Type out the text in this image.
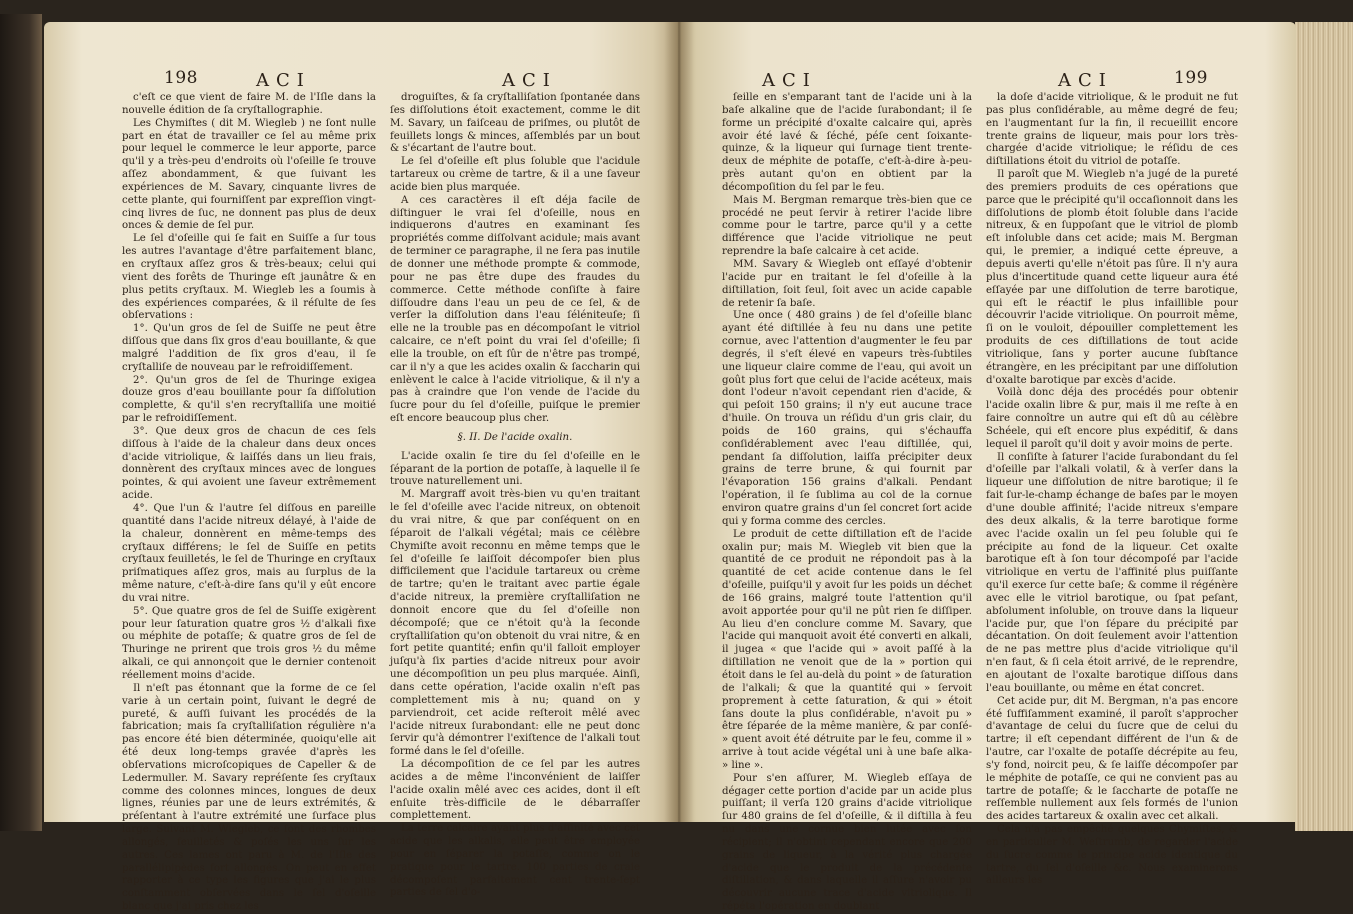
198	ACI	ACI

c'eſt ce que vient de faire M. de l'Iſle dans la nouvelle édition de ſa cryſtallographie.

Les Chymiſtes ( dit M. Wiegleb ) ne ſont nulle part en état de travailler ce ſel au même prix pour lequel le commerce le leur apporte, parce qu'il y a très-peu d'endroits où l'oſeille ſe trouve aſſez abondamment, & que ſuivant les expériences de M. Savary, cinquante livres de cette plante, qui fourniſſent par expreſſion vingt-cinq livres de ſuc, ne donnent pas plus de deux onces & demie de ſel pur.

Le ſel d'oſeille qui ſe fait en Suiſſe a ſur tous les autres l'avantage d'être parfaitement blanc, en cryſtaux aſſez gros & très-beaux; celui qui vient des forêts de Thuringe eſt jaunâtre & en plus petits cryſtaux. M. Wiegleb les a ſoumis à des expériences comparées, & il réſulte de ſes obſervations :

1°. Qu'un gros de ſel de Suiſſe ne peut être diſſous que dans ſix gros d'eau bouillante, & que malgré l'addition de ſix gros d'eau, il ſe cryſtalliſe de nouveau par le refroidiſſement.

2°. Qu'un gros de ſel de Thuringe exigea douze gros d'eau bouillante pour ſa diſſolution complette, & qu'il s'en recryſtalliſa une moitié par le refroidiſſement.

3°. Que deux gros de chacun de ces ſels diſſous à l'aide de la chaleur dans deux onces d'acide vitriolique, & laiſſés dans un lieu frais, donnèrent des cryſtaux minces avec de longues pointes, & qui avoient une ſaveur extrêmement acide.

4°. Que l'un & l'autre ſel diſſous en pareille quantité dans l'acide nitreux délayé, à l'aide de la chaleur, donnèrent en même-temps des cryſtaux différens; le ſel de Suiſſe en petits cryſtaux feuilletés, le ſel de Thuringe en cryſtaux priſmatiques aſſez gros, mais au ſurplus de la même nature, c'eſt-à-dire ſans qu'il y eût encore du vrai nitre.

5°. Que quatre gros de ſel de Suiſſe exigèrent pour leur ſaturation quatre gros ½ d'alkali fixe ou méphite de potaſſe; & quatre gros de ſel de Thuringe ne prirent que trois gros ½ du même alkali, ce qui annonçoit que le dernier contenoit réellement moins d'acide.

Il n'eſt pas étonnant que la forme de ce ſel varie à un certain point, ſuivant le degré de pureté, & auſſi ſuivant les procédés de la fabrication; mais ſa cryſtalliſation régulière n'a pas encore été bien déterminée, quoiqu'elle ait été deux long-temps gravée d'après les obſervations microſcopiques de Capeller & de Ledermuller. M. Savary repréſente ſes cryſtaux comme des colonnes minces, longues de deux lignes, réunies par une de leurs extrémités, & préſentant à l'autre extrémité une ſurface plus large. Suivant M. Wiegleb, ce ſont des rhombes allongés, feuilletés & poſés les uns ſur les autres. Ces lames ont paru à M. de l'Iſle des parallélipipèdes fort allongés. On peut en effet rapporter à ce type les figures que j'ai le plus conſtamment obſervées dans le ſel d'oſeille blanc que j'ai pris chez les

droguiſtes, & ſa cryſtalliſation ſpontanée dans ſes diſſolutions étoit exactement, comme le dit M. Savary, un faiſceau de priſmes, ou plutôt de feuillets longs & minces, aſſemblés par un bout & s'écartant de l'autre bout.

Le ſel d'oſeille eſt plus ſoluble que l'acidule tartareux ou crème de tartre, & il a une ſaveur acide bien plus marquée.

A ces caractères il eſt déja facile de diſtinguer le vrai ſel d'oſeille, nous en indiquerons d'autres en examinant ſes propriétés comme diſſolvant acidule; mais avant de terminer ce paragraphe, il ne ſera pas inutile de donner une méthode prompte & commode, pour ne pas être dupe des fraudes du commerce. Cette méthode conſiſte à faire diſſoudre dans l'eau un peu de ce ſel, & de verſer la diſſolution dans l'eau ſéléniteuſe; ſi elle ne la trouble pas en décompoſant le vitriol calcaire, ce n'eſt point du vrai ſel d'oſeille; ſi elle la trouble, on eſt ſûr de n'être pas trompé, car il n'y a que les acides oxalin & ſaccharin qui enlèvent le calce à l'acide vitriolique, & il n'y a pas à craindre que l'on vende de l'acide du ſucre pour du ſel d'oſeille, puiſque le premier eſt encore beaucoup plus cher.

§. II. De l'acide oxalin.

L'acide oxalin ſe tire du ſel d'oſeille en le ſéparant de la portion de potaſſe, à laquelle il ſe trouve naturellement uni.

M. Margraff avoit très-bien vu qu'en traitant le ſel d'oſeille avec l'acide nitreux, on obtenoit du vrai nitre, & que par conſéquent on en ſéparoit de l'alkali végétal; mais ce célèbre Chymiſte avoit reconnu en même temps que le ſel d'oſeille ſe laiſſoit décompoſer bien plus difficilement que l'acidule tartareux ou crème de tartre; qu'en le traitant avec partie égale d'acide nitreux, la première cryſtalliſation ne donnoit encore que du ſel d'oſeille non décompoſé; que ce n'étoit qu'à la ſeconde cryſtalliſation qu'on obtenoit du vrai nitre, & en fort petite quantité; enfin qu'il falloit employer juſqu'à ſix parties d'acide nitreux pour avoir une décompoſition un peu plus marquée. Ainſi, dans cette opération, l'acide oxalin n'eſt pas complettement mis à nu; quand on y parviendroit, cet acide reſteroit mêlé avec l'acide nitreux ſurabondant: elle ne peut donc ſervir qu'à démontrer l'exiſtence de l'alkali tout formé dans le ſel d'oſeille.

La décompoſition de ce ſel par les autres acides a de même l'inconvénient de laiſſer l'acide oxalin mêlé avec ces acides, dont il eſt enſuite très-difficile de le débarraſſer complettement.

La terre calcaire ayant plus d'affinité avec cet acide que les alkalis, elle peut être employée pour en ſéparer la potaſſe, comme on le pratique pour le tartre. 100 parties de craie décompoſent parfaitement cent trente-ſept parties de ſel d'o-

ACI	ACI	199

ſeille en s'emparant tant de l'acide uni à la baſe alkaline que de l'acide ſurabondant; il ſe forme un précipité d'oxalte calcaire qui, après avoir été lavé & ſéché, péſe cent ſoixante-quinze, & la liqueur qui ſurnage tient trente-deux de méphite de potaſſe, c'eſt-à-dire à-peu-près autant qu'on en obtient par la décompoſition du ſel par le feu.

Mais M. Bergman remarque très-bien que ce procédé ne peut ſervir à retirer l'acide libre comme pour le tartre, parce qu'il y a cette différence que l'acide vitriolique ne peut reprendre la baſe calcaire à cet acide.

MM. Savary & Wiegleb ont eſſayé d'obtenir l'acide pur en traitant le ſel d'oſeille à la diſtillation, ſoit ſeul, ſoit avec un acide capable de retenir ſa baſe.

Une once ( 480 grains ) de ſel d'oſeille blanc ayant été diſtillée à feu nu dans une petite cornue, avec l'attention d'augmenter le feu par degrés, il s'eſt élevé en vapeurs très-ſubtiles une liqueur claire comme de l'eau, qui avoit un goût plus fort que celui de l'acide acéteux, mais dont l'odeur n'avoit cependant rien d'acide, & qui peſoit 150 grains; il n'y eut aucune trace d'huile. On trouva un réſidu d'un gris clair, du poids de 160 grains, qui s'échauffa conſidérablement avec l'eau diſtillée, qui, pendant ſa diſſolution, laiſſa précipiter deux grains de terre brune, & qui fournit par l'évaporation 156 grains d'alkali. Pendant l'opération, il ſe ſublima au col de la cornue environ quatre grains d'un ſel concret ſort acide qui y forma comme des cercles.

Le produit de cette diſtillation eſt de l'acide oxalin pur; mais M. Wiegleb vit bien que la quantité de ce produit ne répondoit pas à la quantité de cet acide contenue dans le ſel d'oſeille, puiſqu'il y avoit ſur les poids un déchet de 166 grains, malgré toute l'attention qu'il avoit apportée pour qu'il ne pût rien ſe diſſiper. Au lieu d'en conclure comme M. Savary, que l'acide qui manquoit avoit été converti en alkali, il jugea « que l'acide qui » avoit paſſé à la diſtillation ne venoit que de la » portion qui étoit dans le ſel au-delà du point » de ſaturation de l'alkali; & que la quantité qui » ſervoit proprement à cette ſaturation, & qui » étoit ſans doute la plus conſidérable, n'avoit pu » être ſéparée de la même manière, & par conſé- » quent avoit été détruite par le feu, comme il » arrive à tout acide végétal uni à une baſe alka- » line ».

Pour s'en aſſurer, M. Wiegleb eſſaya de dégager cette portion d'acide par un acide plus puiſſant; il verſa 120 grains d'acide vitriolique ſur 480 grains de ſel d'oſeille, & il diſtilla à feu nu dans une cornue bien lutée avec ſon récipient; il n'obtint cependant encore que 200 grains de liqueur, à la vérité plus chargée d'acide que le produit de la précédente diſtillation, & dans laquelle il aſſure n'avoir pu découvrir aucune trace d'acide vitriolique. Il répéta l'opération en doublant

la doſe d'acide vitriolique, & le produit ne fut pas plus conſidérable, au même degré de feu; en l'augmentant ſur la fin, il recueillit encore trente grains de liqueur, mais pour lors très-chargée d'acide vitriolique; le réſidu de ces diſtillations étoit du vitriol de potaſſe.

Il paroît que M. Wiegleb n'a jugé de la pureté des premiers produits de ces opérations que parce que le précipité qu'il occaſionnoit dans les diſſolutions de plomb étoit ſoluble dans l'acide nitreux, & en ſuppoſant que le vitriol de plomb eſt inſoluble dans cet acide; mais M. Bergman qui, le premier, a indiqué cette épreuve, a depuis averti qu'elle n'étoit pas ſûre. Il n'y aura plus d'incertitude quand cette liqueur aura été eſſayée par une diſſolution de terre barotique, qui eſt le réactif le plus infaillible pour découvrir l'acide vitriolique. On pourroit même, ſi on le vouloit, dépouiller complettement les produits de ces diſtillations de tout acide vitriolique, ſans y porter aucune ſubſtance étrangère, en les précipitant par une diſſolution d'oxalte barotique par excès d'acide.

Voilà donc déja des procédés pour obtenir l'acide oxalin libre & pur, mais il me reſte à en faire connoître un autre qui eſt dû au célèbre Schéele, qui eſt encore plus expéditif, & dans lequel il paroît qu'il doit y avoir moins de perte.

Il conſiſte à ſaturer l'acide ſurabondant du ſel d'oſeille par l'alkali volatil, & à verſer dans la liqueur une diſſolution de nitre barotique; il ſe fait ſur-le-champ échange de baſes par le moyen d'une double affinité; l'acide nitreux s'empare des deux alkalis, & la terre barotique forme avec l'acide oxalin un ſel peu ſoluble qui ſe précipite au fond de la liqueur. Cet oxalte barotique eſt à ſon tour décompoſé par l'acide vitriolique en vertu de l'affinité plus puiſſante qu'il exerce ſur cette baſe; & comme il régénère avec elle le vitriol barotique, ou ſpat peſant, abſolument inſoluble, on trouve dans la liqueur l'acide pur, que l'on ſépare du précipité par décantation. On doit ſeulement avoir l'attention de ne pas mettre plus d'acide vitriolique qu'il n'en faut, & ſi cela étoit arrivé, de le reprendre, en ajoutant de l'oxalte barotique diſſous dans l'eau bouillante, ou même en état concret.

Cet acide pur, dit M. Bergman, n'a pas encore été ſuffiſamment examiné, il paroît s'approcher d'avantage de celui du ſucre que de celui du tartre; il eſt cependant différent de l'un & de l'autre, car l'oxalte de potaſſe décrépite au feu, s'y fond, noircit peu, & ſe laiſſe décompoſer par le méphite de potaſſe, ce qui ne convient pas au tartre de potaſſe; & le ſaccharte de potaſſe ne reſſemble nullement aux ſels formés de l'union des acides tartareux & oxalin avec cet alkali.

Cela n'a pas empêché quelques Chymiſtes, & en particulier M. Weſtrumb, de regarder l'acide du ſucre comme le principe acide identique du tartre, du ſel d'oſeille &c. Nous examinerons ailleurs les
